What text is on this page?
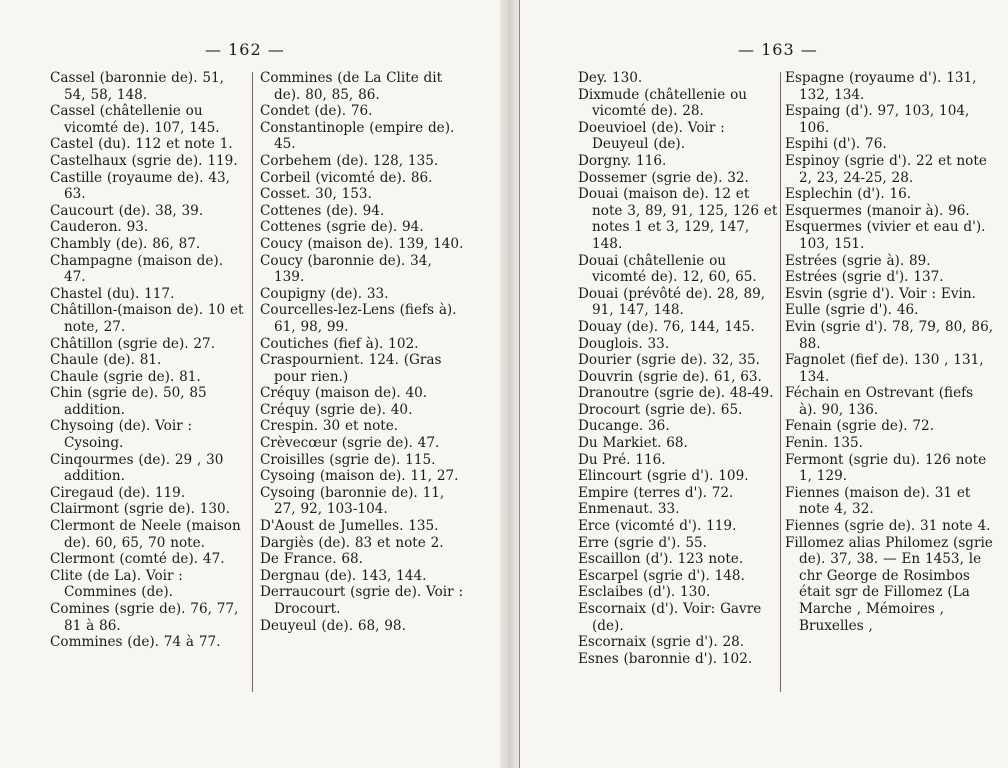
— 162 —
Cassel (baronnie de). 51, 54, 58, 148.
Cassel (châtellenie ou vicomté de). 107, 145.
Castel (du). 112 et note 1.
Castelhaux (sgrie de). 119.
Castille (royaume de). 43, 63.
Caucourt (de). 38, 39.
Cauderon. 93.
Chambly (de). 86, 87.
Champagne (maison de). 47.
Chastel (du). 117.
Châtillon-(maison de). 10 et note, 27.
Châtillon (sgrie de). 27.
Chaule (de). 81.
Chaule (sgrie de). 81.
Chin (sgrie de). 50, 85 addition.
Chysoing (de). Voir : Cysoing.
Cinqourmes (de). 29 , 30 addition.
Ciregaud (de). 119.
Clairmont (sgrie de). 130.
Clermont de Neele (maison de). 60, 65, 70 note.
Clermont (comté de). 47.
Clite (de La). Voir : Commines (de).
Comines (sgrie de). 76, 77, 81 à 86.
Commines (de). 74 à 77.
Commines (de La Clite dit de). 80, 85, 86.
Condet (de). 76.
Constantinople (empire de). 45.
Corbehem (de). 128, 135.
Corbeil (vicomté de). 86.
Cosset. 30, 153.
Cottenes (de). 94.
Cottenes (sgrie de). 94.
Coucy (maison de). 139, 140.
Coucy (baronnie de). 34, 139.
Coupigny (de). 33.
Courcelles-lez-Lens (fiefs à). 61, 98, 99.
Coutiches (fief à). 102.
Craspournient. 124. (Gras pour rien.)
Créquy (maison de). 40.
Créquy (sgrie de). 40.
Crespin. 30 et note.
Crèvecœur (sgrie de). 47.
Croisilles (sgrie de). 115.
Cysoing (maison de). 11, 27.
Cysoing (baronnie de). 11, 27, 92, 103-104.
D'Aoust de Jumelles. 135.
Dargiès (de). 83 et note 2.
De France. 68.
Dergnau (de). 143, 144.
Derraucourt (sgrie de). Voir : Drocourt.
Deuyeul (de). 68, 98.
— 163 —
Dey. 130.
Dixmude (châtellenie ou vicomté de). 28.
Doeuvioel (de). Voir : Deuyeul (de).
Dorgny. 116.
Dossemer (sgrie de). 32.
Douai (maison de). 12 et note 3, 89, 91, 125, 126 et notes 1 et 3, 129, 147, 148.
Douai (châtellenie ou vicomté de). 12, 60, 65.
Douai (prévôté de). 28, 89, 91, 147, 148.
Douay (de). 76, 144, 145.
Douglois. 33.
Dourier (sgrie de). 32, 35.
Douvrin (sgrie de). 61, 63.
Dranoutre (sgrie de). 48-49.
Drocourt (sgrie de). 65.
Ducange. 36.
Du Markiet. 68.
Du Pré. 116.
Elincourt (sgrie d'). 109.
Empire (terres d'). 72.
Enmenaut. 33.
Erce (vicomté d'). 119.
Erre (sgrie d'). 55.
Escaillon (d'). 123 note.
Escarpel (sgrie d'). 148.
Esclaibes (d'). 130.
Escornaix (d'). Voir: Gavre (de).
Escornaix (sgrie d'). 28.
Esnes (baronnie d'). 102.
Espagne (royaume d'). 131, 132, 134.
Espaing (d'). 97, 103, 104, 106.
Espihi (d'). 76.
Espinoy (sgrie d'). 22 et note 2, 23, 24-25, 28.
Esplechin (d'). 16.
Esquermes (manoir à). 96.
Esquermes (vivier et eau d'). 103, 151.
Estrées (sgrie à). 89.
Estrées (sgrie d'). 137.
Esvin (sgrie d'). Voir : Evin.
Eulle (sgrie d'). 46.
Evin (sgrie d'). 78, 79, 80, 86, 88.
Fagnolet (fief de). 130 , 131, 134.
Féchain en Ostrevant (fiefs à). 90, 136.
Fenain (sgrie de). 72.
Fenin. 135.
Fermont (sgrie du). 126 note 1, 129.
Fiennes (maison de). 31 et note 4, 32.
Fiennes (sgrie de). 31 note 4.
Fillomez alias Philomez (sgrie de). 37, 38. — En 1453, le chr George de Rosimbos était sgr de Fillomez (La Marche , Mémoires , Bruxelles ,
